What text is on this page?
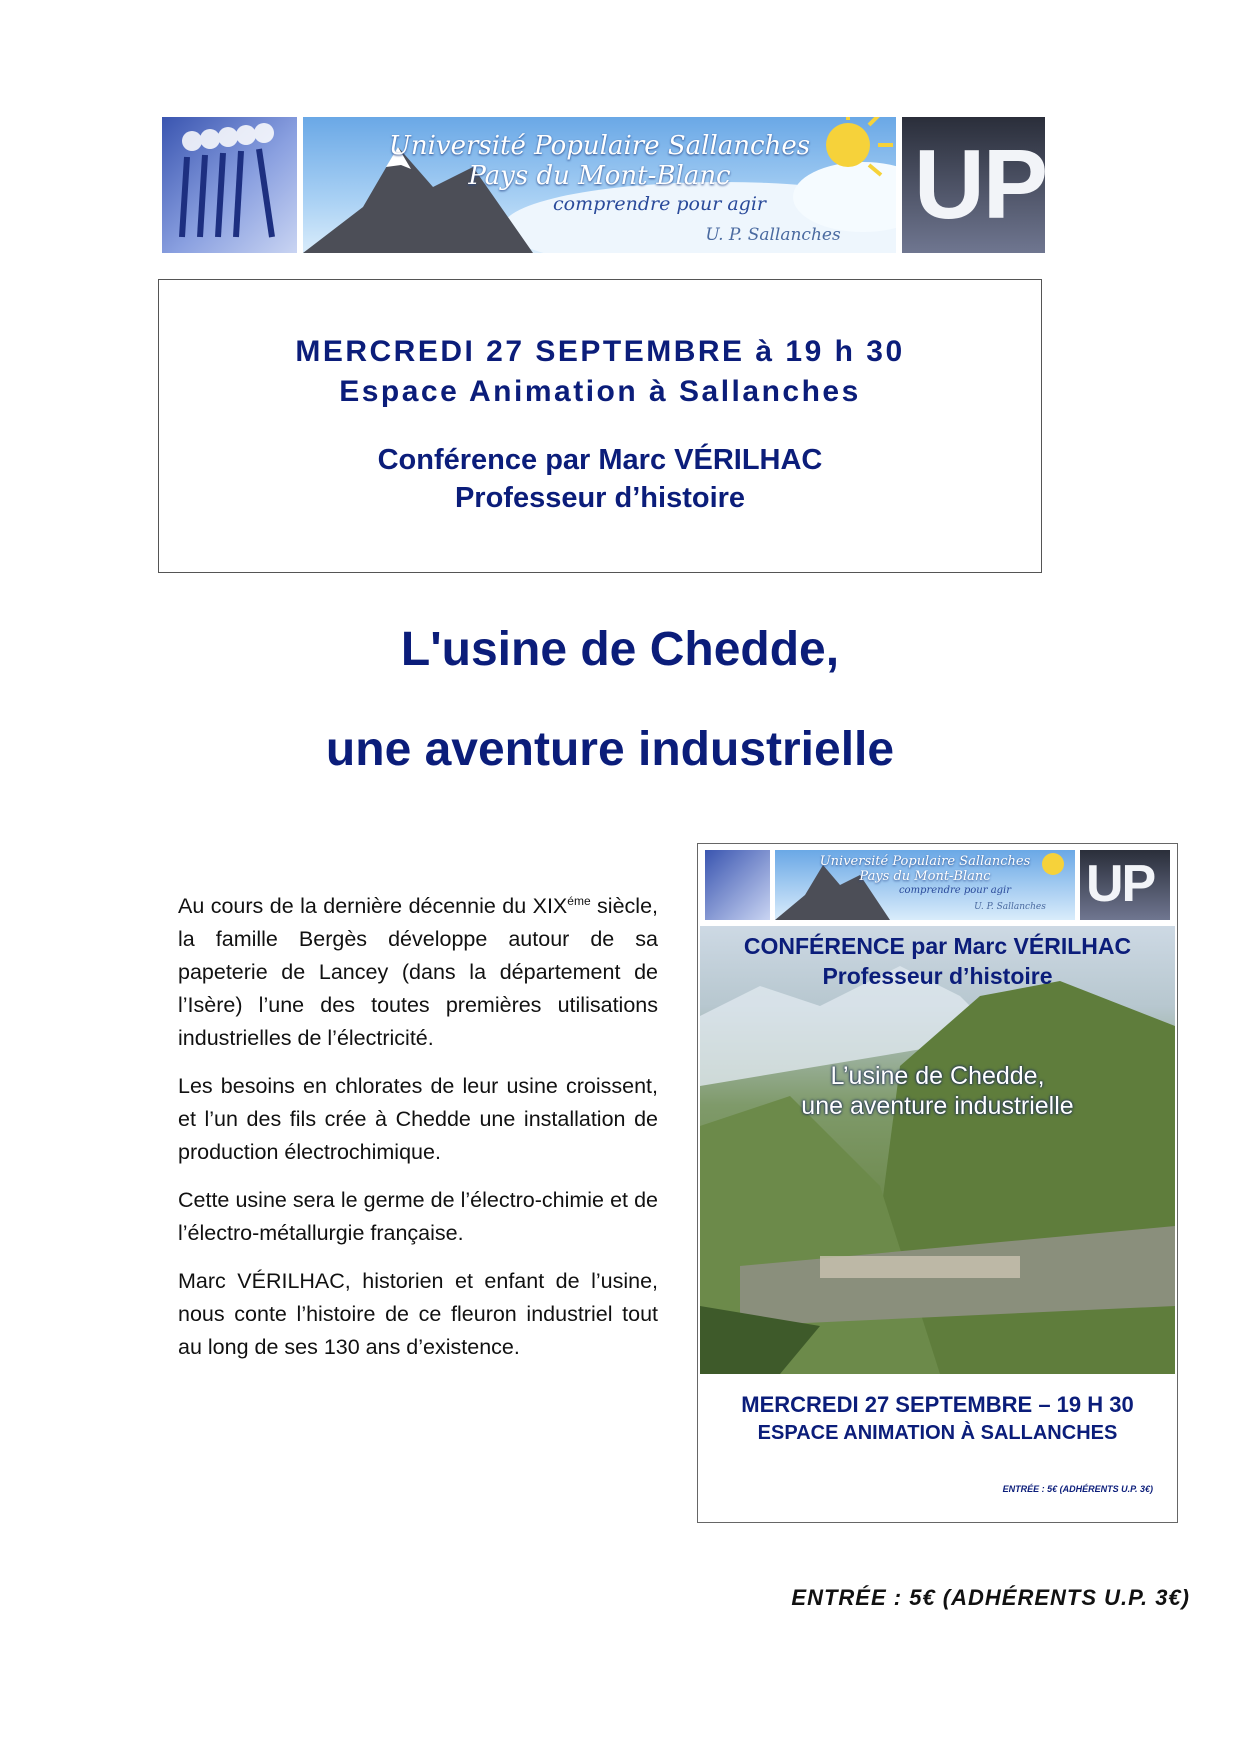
Université Populaire Sallanches
Pays du Mont-Blanc
comprendre pour agir
U. P. Sallanches UP
MERCREDI 27 SEPTEMBRE à 19 h 30
Espace Animation à Sallanches
Conférence par Marc VÉRILHAC
Professeur d’histoire
L'usine de Chedde,
une aventure industrielle

Au cours de la dernière décennie du $XIX^{éme}$ siècle, la famille Bergès développe autour de sa papeterie de Lancey (dans la département de l’Isère) l’une des toutes premières utilisations industrielles de l’électricité.

Les besoins en chlorates de leur usine croissent, et l’un des fils crée à Chedde une installation de production électrochimique.

Cette usine sera le germe de l’électro-chimie et de l’électro-métallurgie française.

Marc VÉRILHAC, historien et enfant de l’usine, nous conte l’histoire de ce fleuron industriel tout au long de ses 130 ans d’existence.

Université Populaire Sallanches
Pays du Mont-Blanc
comprendre pour agir
U. P. Sallanches UP
CONFÉRENCE par Marc VÉRILHAC
Professeur d’histoire
L’usine de Chedde,
une aventure industrielle
MERCREDI 27 SEPTEMBRE – 19 H 30
ESPACE ANIMATION À SALLANCHES
ENTRÉE : 5€ (ADHÉRENTS U.P. 3€)
ENTRÉE : 5€ (ADHÉRENTS U.P. 3€)
